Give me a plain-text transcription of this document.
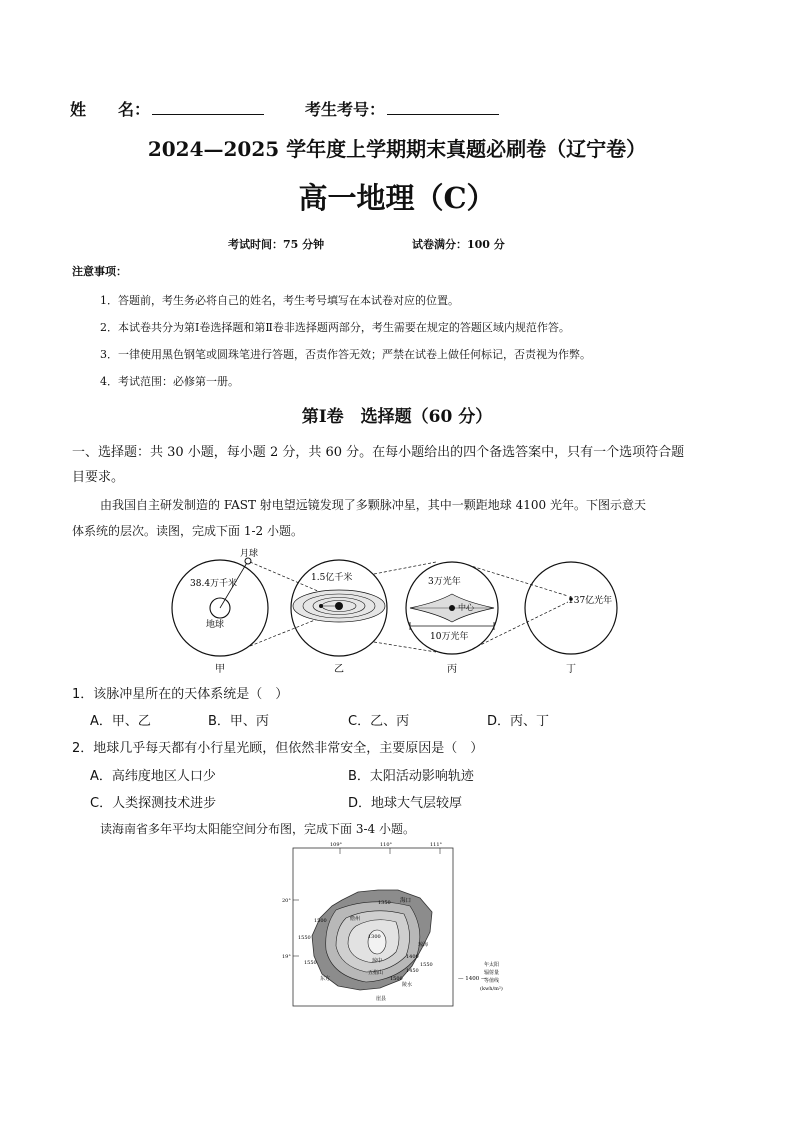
姓　　名：	考生考号：
2024—2025 学年度上学期期末真题必刷卷（辽宁卷）
高一地理（C）
考试时间：75 分钟	试卷满分：100 分
注意事项：
1．答题前，考生务必将自己的姓名，考生考号填写在本试卷对应的位置。
2．本试卷共分为第Ⅰ卷选择题和第Ⅱ卷非选择题两部分，考生需要在规定的答题区域内规范作答。
3．一律使用黑色钢笔或圆珠笔进行答题，否责作答无效；严禁在试卷上做任何标记，否责视为作弊。
4．考试范围：必修第一册。
第Ⅰ卷　选择题（60 分）
一、选择题：共 30 小题，每小题 2 分，共 60 分。在每小题给出的四个备选答案中，只有一个选项符合题
目要求。
由我国自主研发制造的 FAST 射电望远镜发现了多颗脉冲星，其中一颗距地球 4100 光年。下图示意天
体系统的层次。读图，完成下面 1-2 小题。
月球
38.4万千米
地球
1.5亿千米	3万光年
中心
10万光年
137亿光年
甲	乙	丙	丁
1．该脉冲星所在的天体系统是（　）
A．甲、乙	B．甲、丙	C．乙、丙	D．丙、丁
2．地球几乎每天都有小行星光顾，但依然非常安全，主要原因是（　）
A．高纬度地区人口少	B．太阳活动影响轨迹
C．人类探测技术进步	D．地球大气层较厚
读海南省多年平均太阳能空间分布图，完成下面 3-4 小题。
109°	110°	111°
20°
19°
海口
儋州
琼中
琼海
东方
五指山
陵水
崖县
1350
1500
1550
1550
1300
1400
1450
1500
1550
— 1400 —
年太阳
辐射量
等值线
(kwh/m²)
